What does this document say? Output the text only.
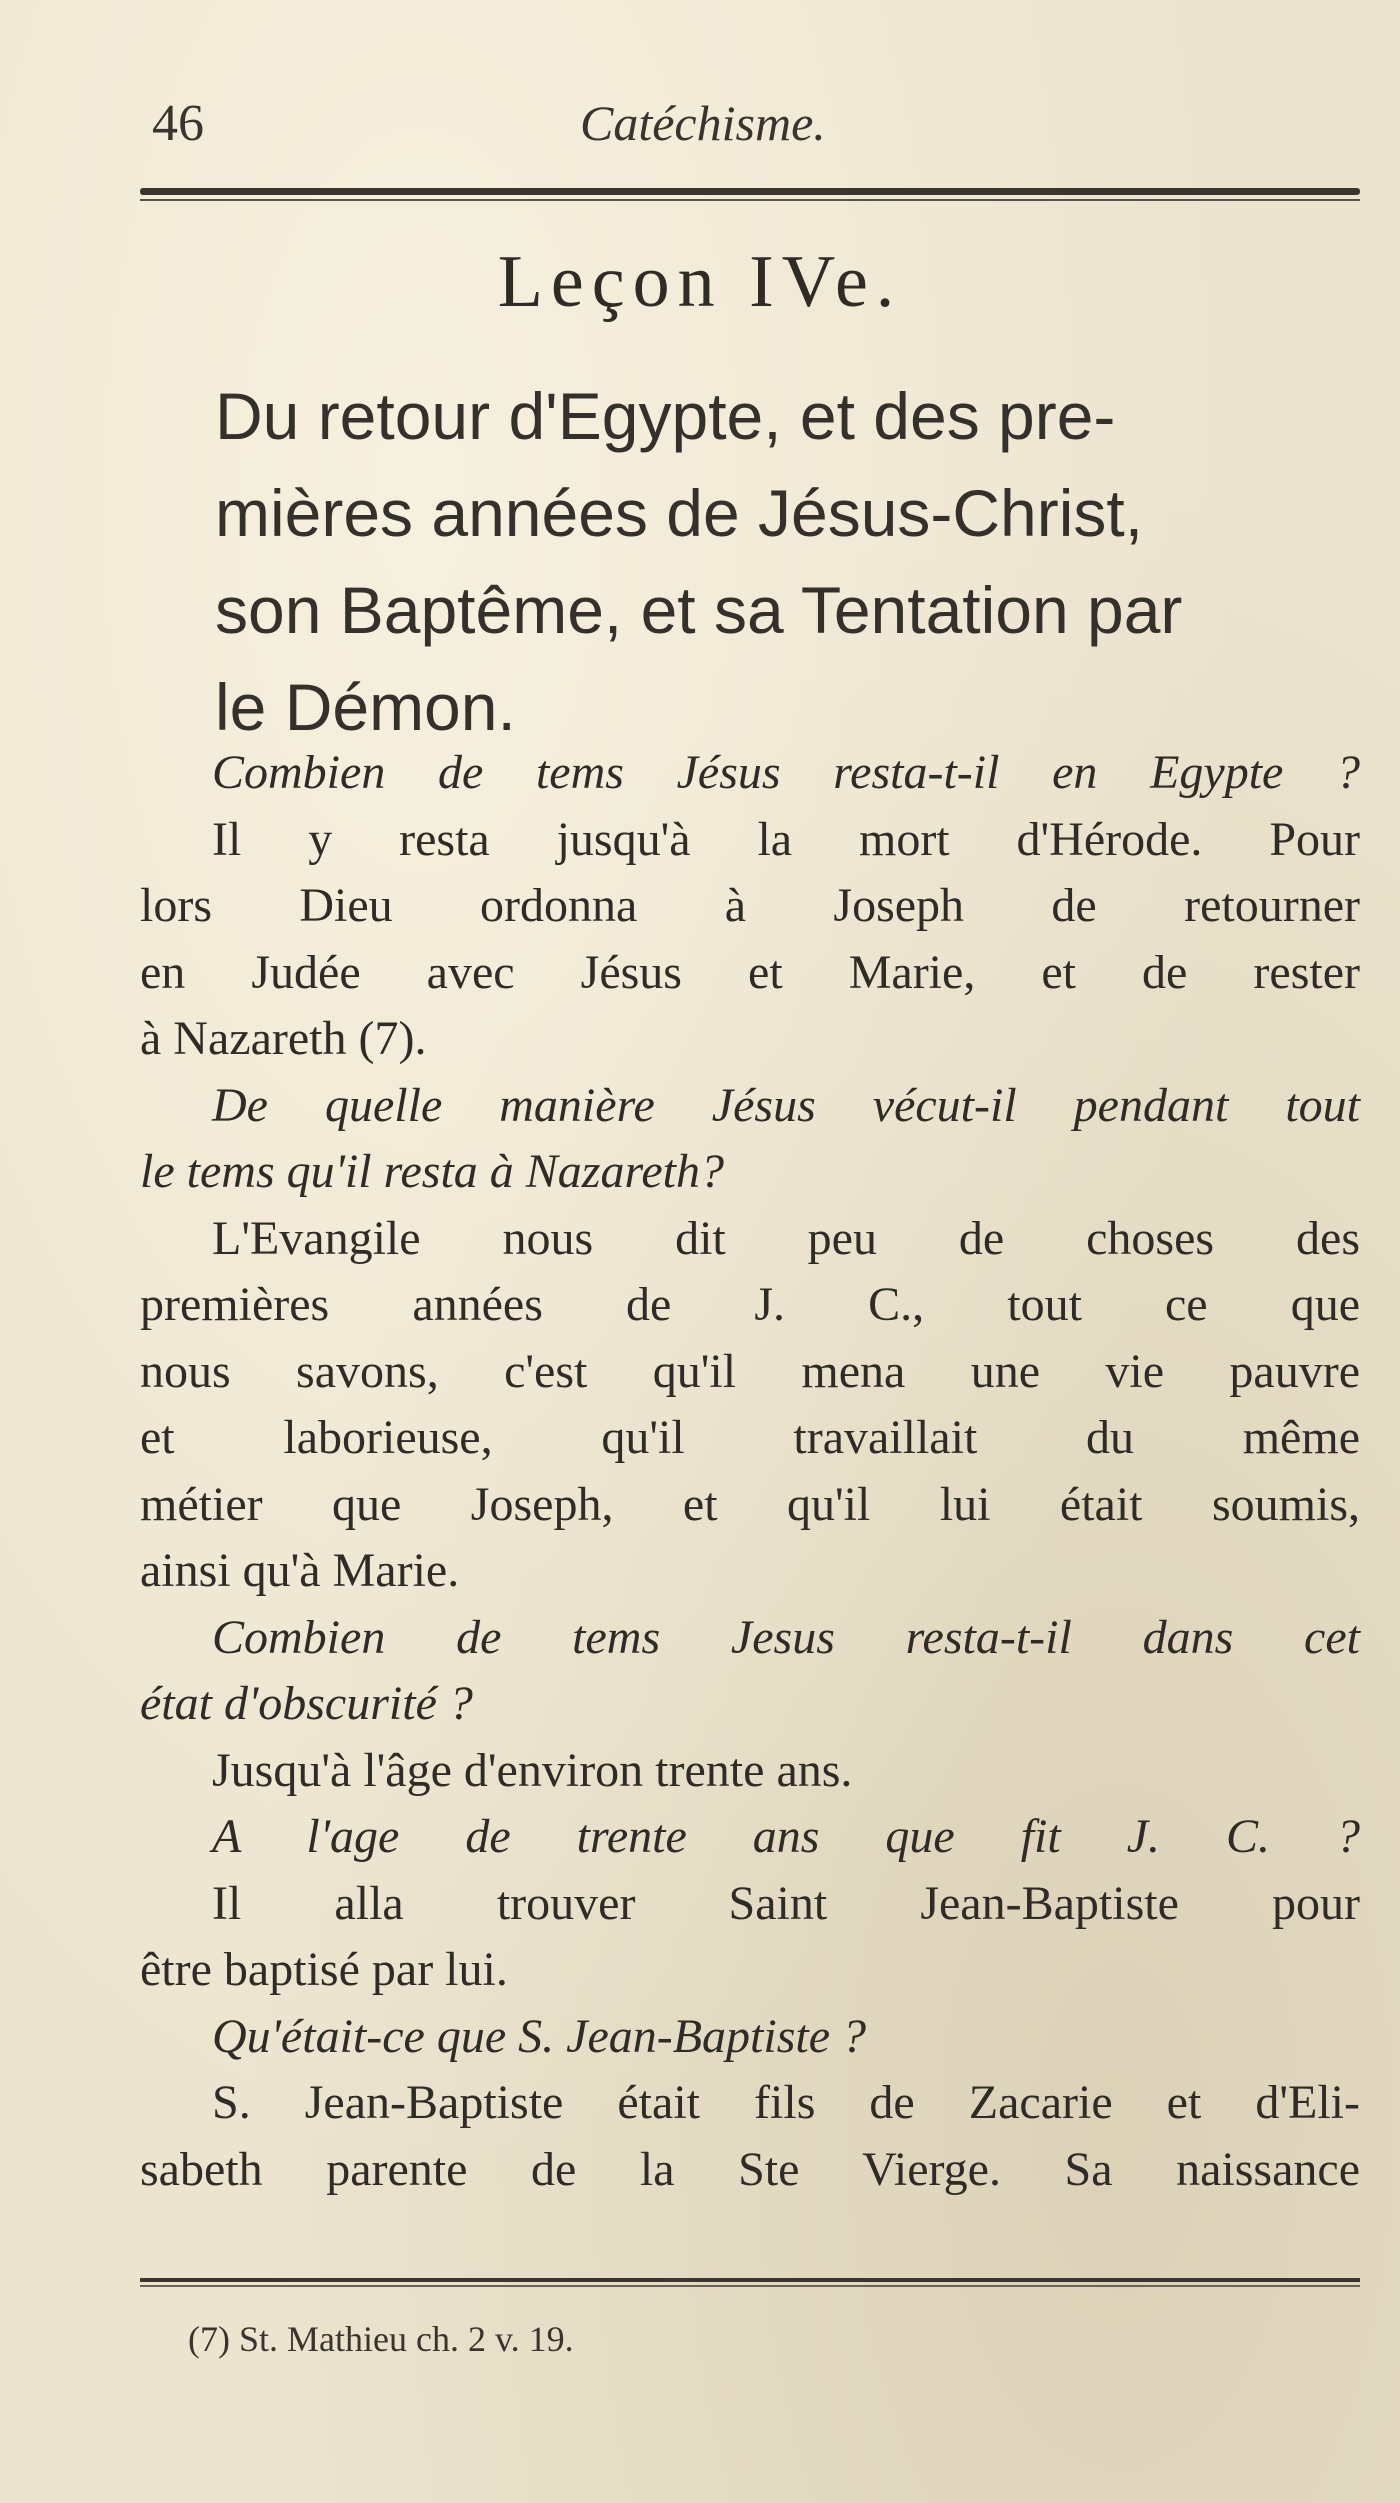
46	Catéchisme.
Leçon IVe.
Du retour d'Egypte, et des pre-
mières années de Jésus-Christ,
son Baptême, et sa Tentation par
le Démon.
Combien de tems Jésus resta-t-il en Egypte ?
Il y resta jusqu'à la mort d'Hérode. Pour
lors Dieu ordonna à Joseph de retourner
en Judée avec Jésus et Marie, et de rester
à Nazareth (7).
De quelle manière Jésus vécut-il pendant tout
le tems qu'il resta à Nazareth?
L'Evangile nous dit peu de choses des
premières années de J. C., tout ce que
nous savons, c'est qu'il mena une vie pauvre
et laborieuse, qu'il travaillait du même
métier que Joseph, et qu'il lui était soumis,
ainsi qu'à Marie.
Combien de tems Jesus resta-t-il dans cet
état d'obscurité ?
Jusqu'à l'âge d'environ trente ans.
A l'age de trente ans que fit J. C. ?
Il alla trouver Saint Jean-Baptiste pour
être baptisé par lui.
Qu'était-ce que S. Jean-Baptiste ?
S. Jean-Baptiste était fils de Zacarie et d'Eli-
sabeth parente de la Ste Vierge. Sa naissance
(7) St. Mathieu ch. 2 v. 19.
